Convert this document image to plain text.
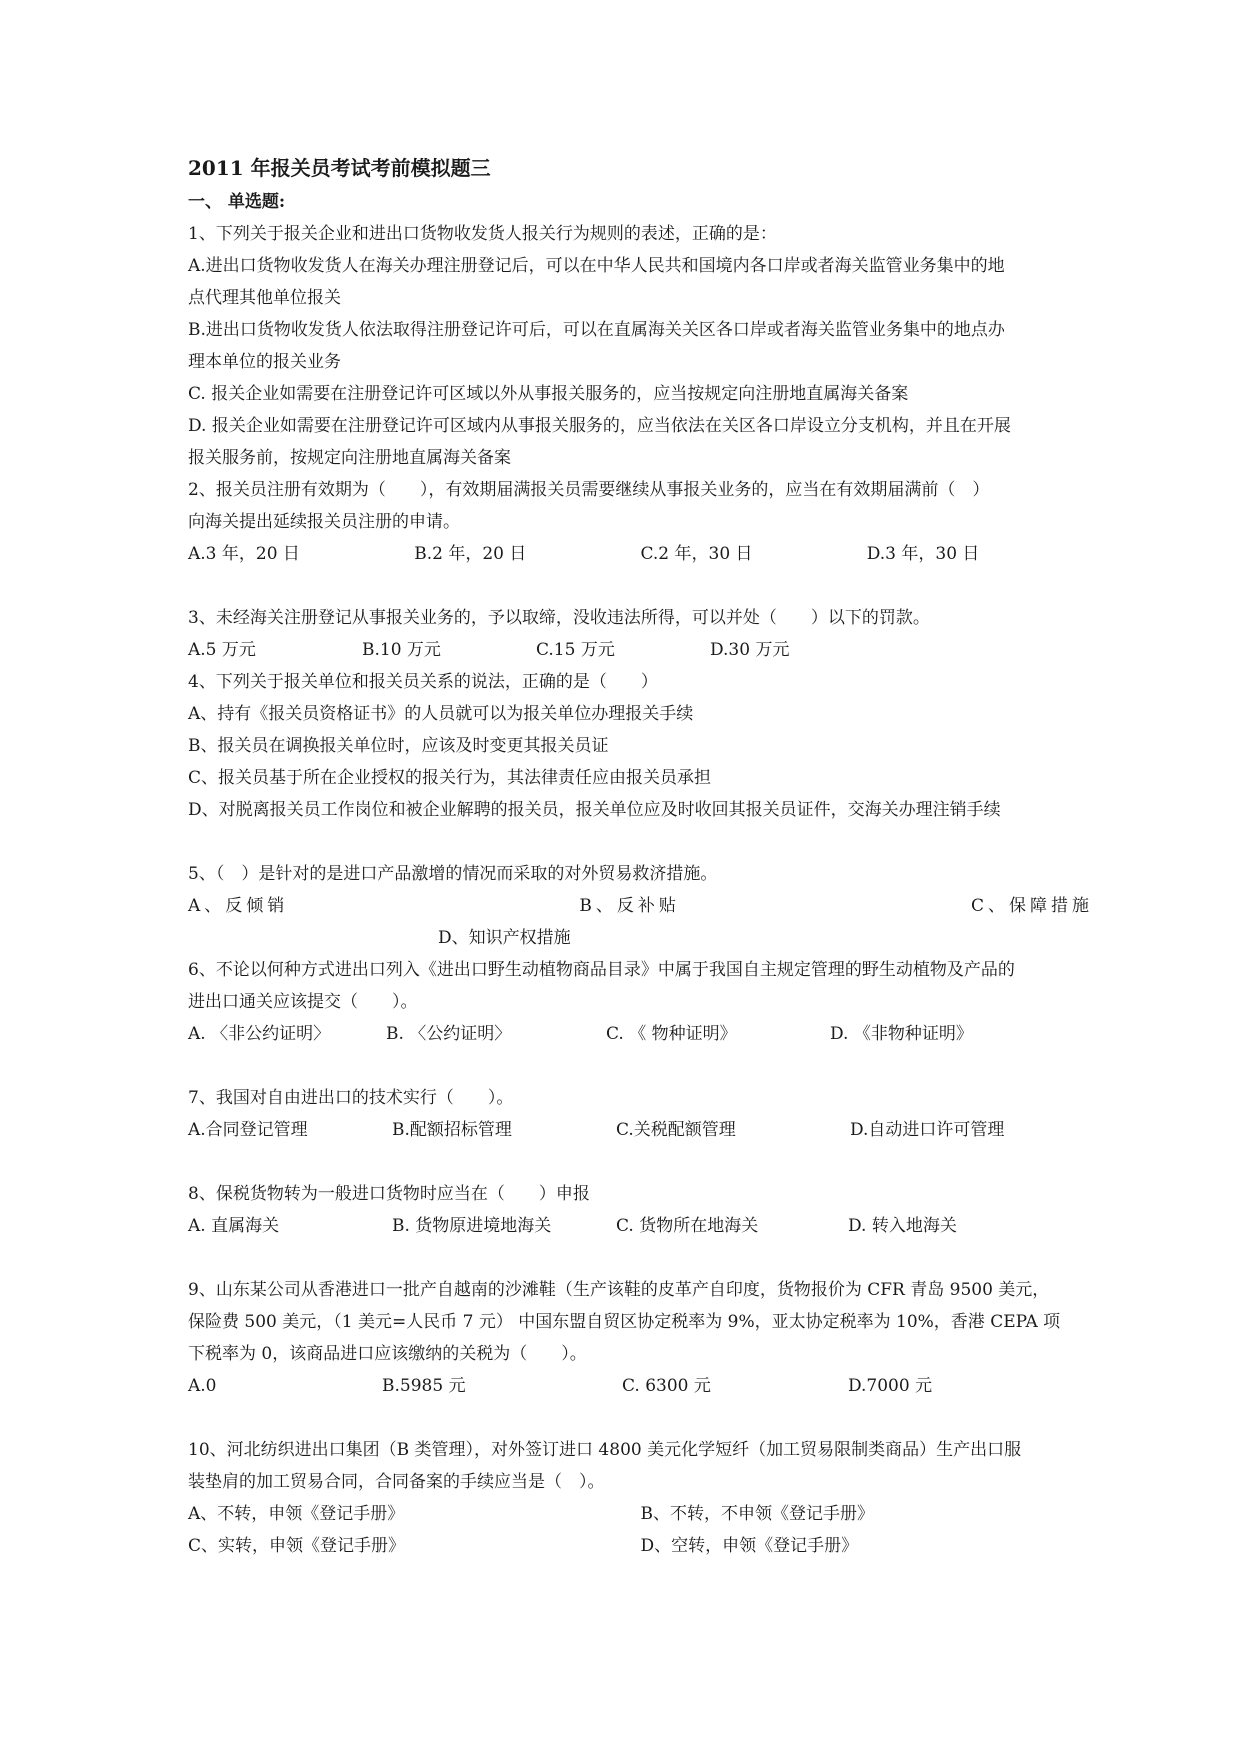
2011 年报关员考试考前模拟题三
一、 单选题:
1、下列关于报关企业和进出口货物收发货人报关行为规则的表述，正确的是：
A.进出口货物收发货人在海关办理注册登记后，可以在中华人民共和国境内各口岸或者海关监管业务集中的地
点代理其他单位报关
B.进出口货物收发货人依法取得注册登记许可后，可以在直属海关关区各口岸或者海关监管业务集中的地点办
理本单位的报关业务
C. 报关企业如需要在注册登记许可区域以外从事报关服务的，应当按规定向注册地直属海关备案
D. 报关企业如需要在注册登记许可区域内从事报关服务的，应当依法在关区各口岸设立分支机构，并且在开展
报关服务前，按规定向注册地直属海关备案
2、报关员注册有效期为（　　），有效期届满报关员需要继续从事报关业务的，应当在有效期届满前（　）
向海关提出延续报关员注册的申请。
A.3 年，20 日	B.2 年，20 日	C.2 年，30 日	D.3 年，30 日
3、未经海关注册登记从事报关业务的，予以取缔，没收违法所得，可以并处（　　）以下的罚款。
A.5 万元	B.10 万元	C.15 万元	D.30 万元
4、下列关于报关单位和报关员关系的说法，正确的是（　　）
A、持有《报关员资格证书》的人员就可以为报关单位办理报关手续
B、报关员在调换报关单位时，应该及时变更其报关员证
C、报关员基于所在企业授权的报关行为，其法律责任应由报关员承担
D、对脱离报关员工作岗位和被企业解聘的报关员，报关单位应及时收回其报关员证件，交海关办理注销手续
5、（　）是针对的是进口产品激增的情况而采取的对外贸易救济措施。
A、反倾销	B、反补贴	C、保障措施
D、知识产权措施
6、不论以何种方式进出口列入《进出口野生动植物商品目录》中属于我国自主规定管理的野生动植物及产品的
进出口通关应该提交（　　）。
A. 〈非公约证明〉	B. 〈公约证明〉	C. 《 物种证明》	D. 《非物种证明》
7、我国对自由进出口的技术实行（　　）。
A.合同登记管理	B.配额招标管理	C.关税配额管理	D.自动进口许可管理
8、保税货物转为一般进口货物时应当在（　　）申报
A. 直属海关	B. 货物原进境地海关	C. 货物所在地海关	D. 转入地海关
9、山东某公司从香港进口一批产自越南的沙滩鞋（生产该鞋的皮革产自印度，货物报价为 CFR 青岛 9500 美元，
保险费 500 美元，（1 美元=人民币 7 元） 中国东盟自贸区协定税率为 9%，亚太协定税率为 10%，香港 CEPA 项
下税率为 0，该商品进口应该缴纳的关税为（　　）。
A.0	B.5985 元	C. 6300 元	D.7000 元
10、河北纺织进出口集团（B 类管理），对外签订进口 4800 美元化学短纤（加工贸易限制类商品）生产出口服
装垫肩的加工贸易合同，合同备案的手续应当是（　）。
A、不转，申领《登记手册》	B、不转，不申领《登记手册》
C、实转，申领《登记手册》	D、空转，申领《登记手册》
